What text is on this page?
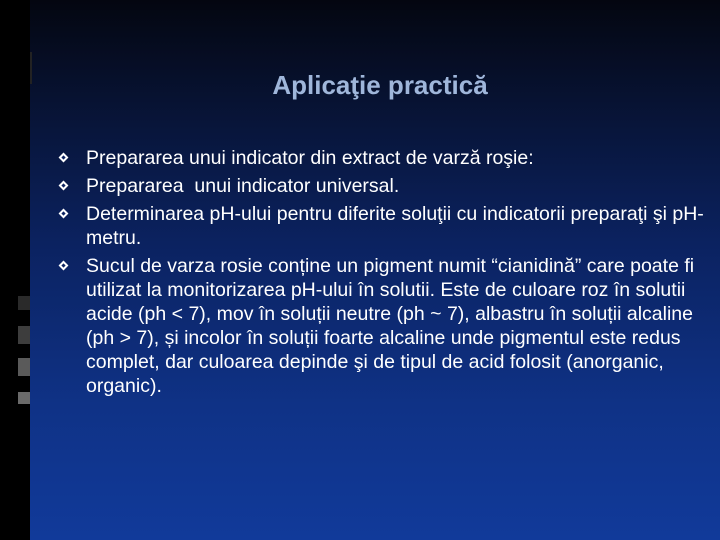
Aplicaţie practică
Prepararea unui indicator din extract de varză roşie:
Prepararea  unui indicator universal.
Determinarea pH-ului pentru diferite soluţii cu indicatorii preparaţi şi pH-metru.
Sucul de varza rosie conține un pigment numit “cianidină” care poate fi utilizat la monitorizarea pH-ului în solutii. Este de culoare roz în solutii acide (ph < 7), mov în soluții neutre (ph ~ 7), albastru în soluții alcaline (ph > 7), și incolor în soluții foarte alcaline unde pigmentul este redus complet, dar culoarea depinde şi de tipul de acid folosit (anorganic, organic).
